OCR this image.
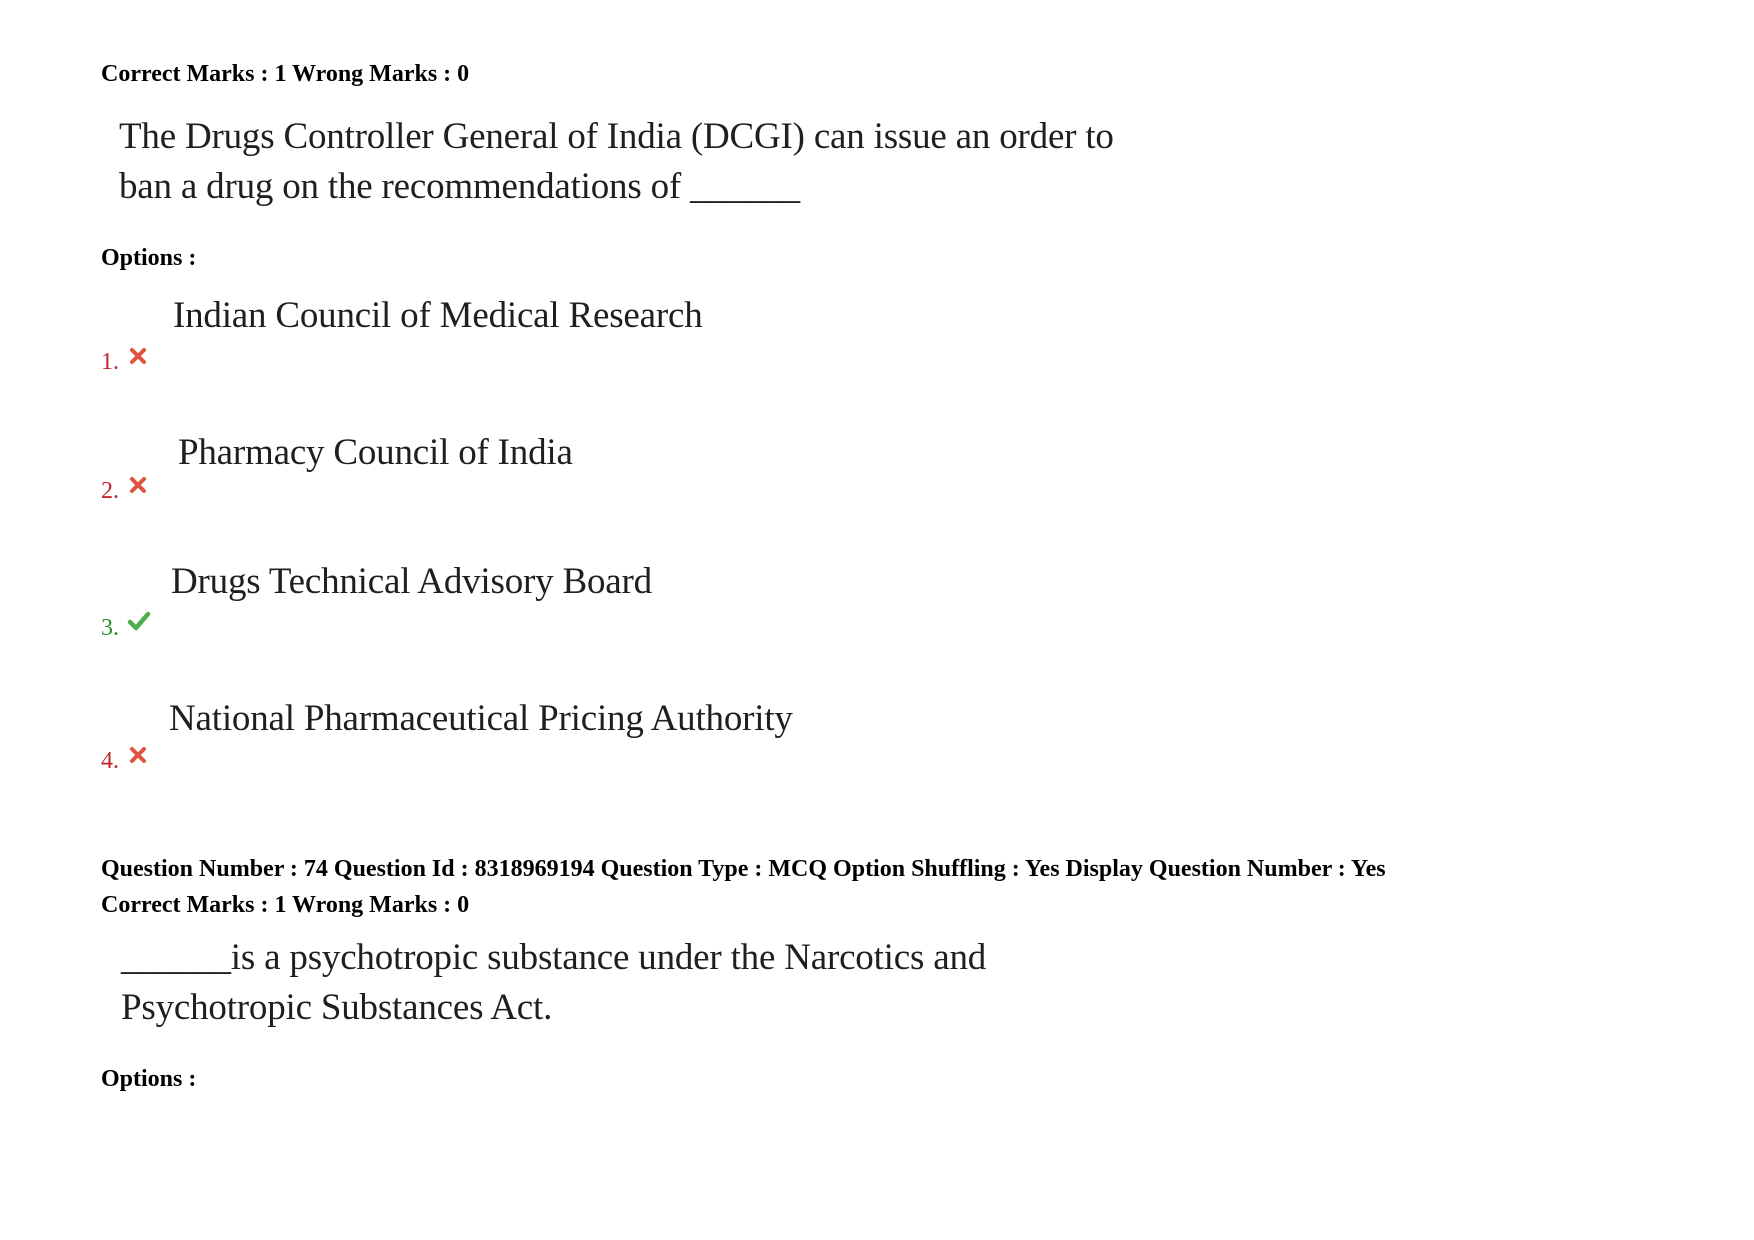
Correct Marks : 1 Wrong Marks : 0
The Drugs Controller General of India (DCGI) can issue an order to
ban a drug on the recommendations of ______
Options :
Indian Council of Medical Research
1.
Pharmacy Council of India
2.
Drugs Technical Advisory Board
3.
National Pharmaceutical Pricing Authority
4.
Question Number : 74 Question Id : 8318969194 Question Type : MCQ Option Shuffling : Yes Display Question Number : Yes
Correct Marks : 1 Wrong Marks : 0
______is a psychotropic substance under the Narcotics and
Psychotropic Substances Act.
Options :
